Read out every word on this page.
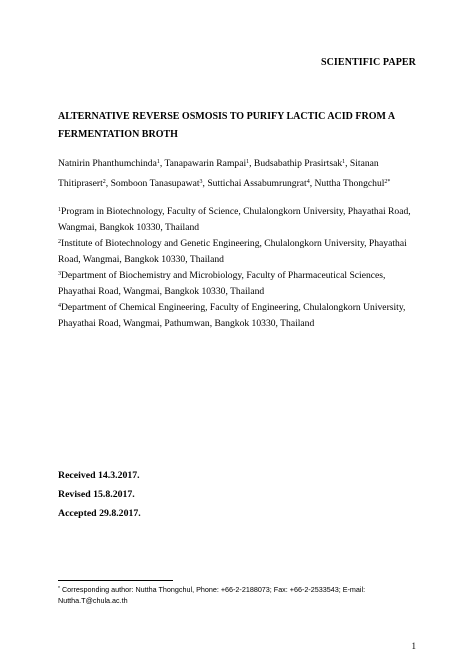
SCIENTIFIC PAPER
ALTERNATIVE REVERSE OSMOSIS TO PURIFY LACTIC ACID FROM A FERMENTATION BROTH
Natnirin Phanthumchinda$^1$, Tanapawarin Rampai$^1$, Budsabathip Prasirtsak$^1$, Sitanan Thitiprasert$^2$, Somboon Tanasupawat$^3$, Suttichai Assabumrungrat$^4$, Nuttha Thongchul$^{2*}$

$^1$Program in Biotechnology, Faculty of Science, Chulalongkorn University, Phayathai Road, Wangmai, Bangkok 10330, Thailand

$^2$Institute of Biotechnology and Genetic Engineering, Chulalongkorn University, Phayathai Road, Wangmai, Bangkok 10330, Thailand

$^3$Department of Biochemistry and Microbiology, Faculty of Pharmaceutical Sciences, Phayathai Road, Wangmai, Bangkok 10330, Thailand

$^4$Department of Chemical Engineering, Faculty of Engineering, Chulalongkorn University, Phayathai Road, Wangmai, Pathumwan, Bangkok 10330, Thailand

Received 14.3.2017.
Revised 15.8.2017.
Accepted 29.8.2017.
* Corresponding author: Nuttha Thongchul, Phone: +66-2-2188073; Fax: +66-2-2533543; E-mail: Nuttha.T@chula.ac.th
1
